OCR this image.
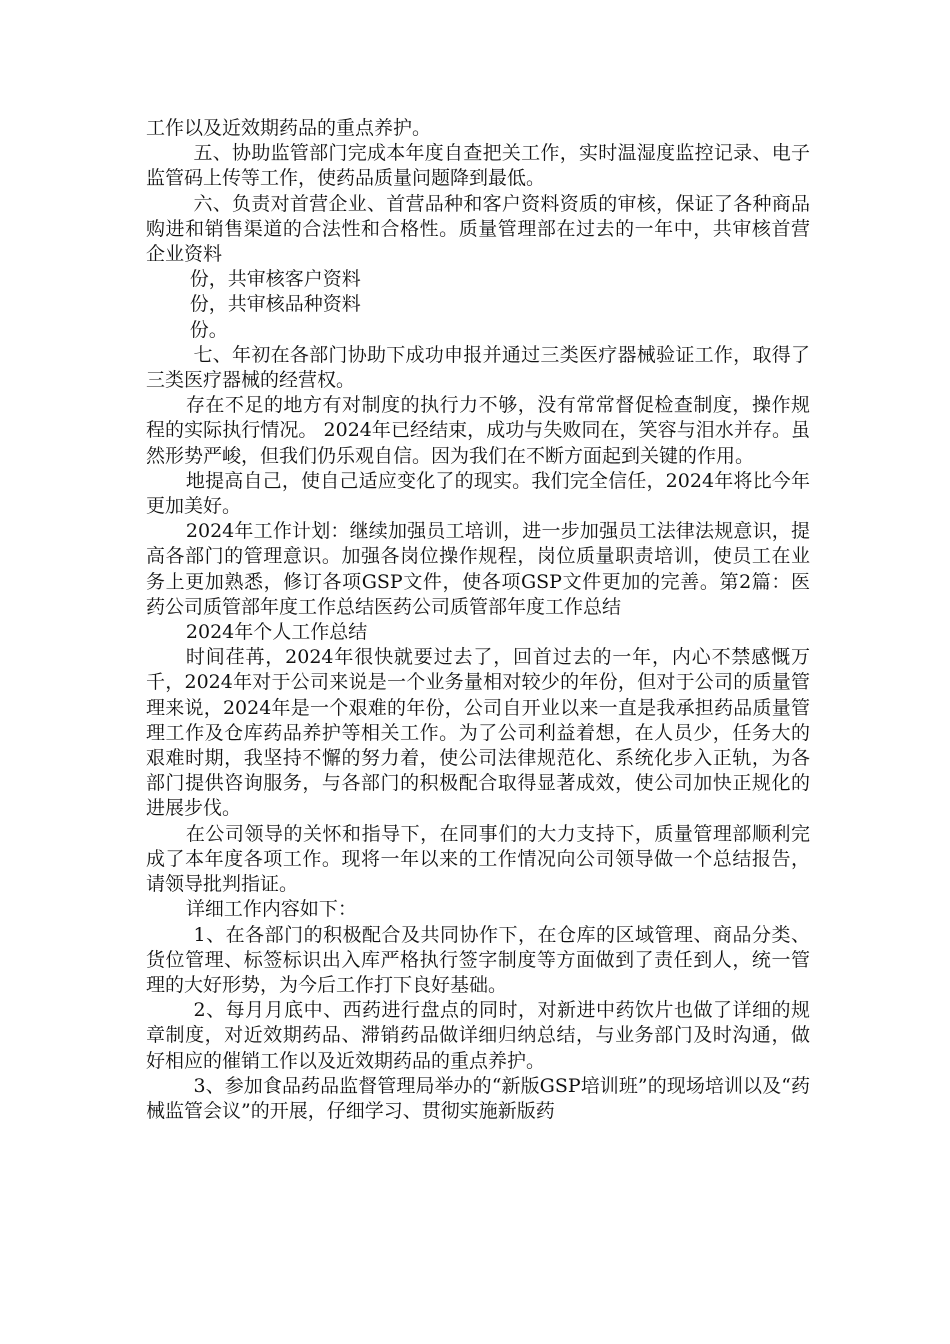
工作以及近效期药品的重点养护。

五、协助监管部门完成本年度自查把关工作，实时温湿度监控记录、电子监管码上传等工作，使药品质量问题降到最低。

六、负责对首营企业、首营品种和客户资料资质的审核，保证了各种商品购进和销售渠道的合法性和合格性。质量管理部在过去的一年中，共审核首营企业资料

份，共审核客户资料

份，共审核品种资料

份。

七、年初在各部门协助下成功申报并通过三类医疗器械验证工作，取得了三类医疗器械的经营权。

存在不足的地方有对制度的执行力不够，没有常常督促检查制度，操作规程的实际执行情况。 2024年已经结束，成功与失败同在，笑容与泪水并存。虽然形势严峻，但我们仍乐观自信。因为我们在不断方面起到关键的作用。

地提高自己，使自己适应变化了的现实。我们完全信任，2024年将比今年更加美好。

2024年工作计划：继续加强员工培训，进一步加强员工法律法规意识，提高各部门的管理意识。加强各岗位操作规程，岗位质量职责培训，使员工在业务上更加熟悉，修订各项GSP文件，使各项GSP文件更加的完善。第2篇：医药公司质管部年度工作总结医药公司质管部年度工作总结

2024年个人工作总结

时间荏苒，2024年很快就要过去了，回首过去的一年，内心不禁感慨万千，2024年对于公司来说是一个业务量相对较少的年份，但对于公司的质量管理来说，2024年是一个艰难的年份，公司自开业以来一直是我承担药品质量管理工作及仓库药品养护等相关工作。为了公司利益着想，在人员少，任务大的艰难时期，我坚持不懈的努力着，使公司法律规范化、系统化步入正轨，为各部门提供咨询服务，与各部门的积极配合取得显著成效，使公司加快正规化的进展步伐。

在公司领导的关怀和指导下，在同事们的大力支持下，质量管理部顺利完成了本年度各项工作。现将一年以来的工作情况向公司领导做一个总结报告，请领导批判指证。

详细工作内容如下：

1、在各部门的积极配合及共同协作下，在仓库的区域管理、商品分类、货位管理、标签标识出入库严格执行签字制度等方面做到了责任到人，统一管理的大好形势，为今后工作打下良好基础。

2、每月月底中、西药进行盘点的同时，对新进中药饮片也做了详细的规章制度，对近效期药品、滞销药品做详细归纳总结，与业务部门及时沟通，做好相应的催销工作以及近效期药品的重点养护。

3、参加食品药品监督管理局举办的“新版GSP培训班”的现场培训以及“药械监管会议”的开展，仔细学习、贯彻实施新版药
